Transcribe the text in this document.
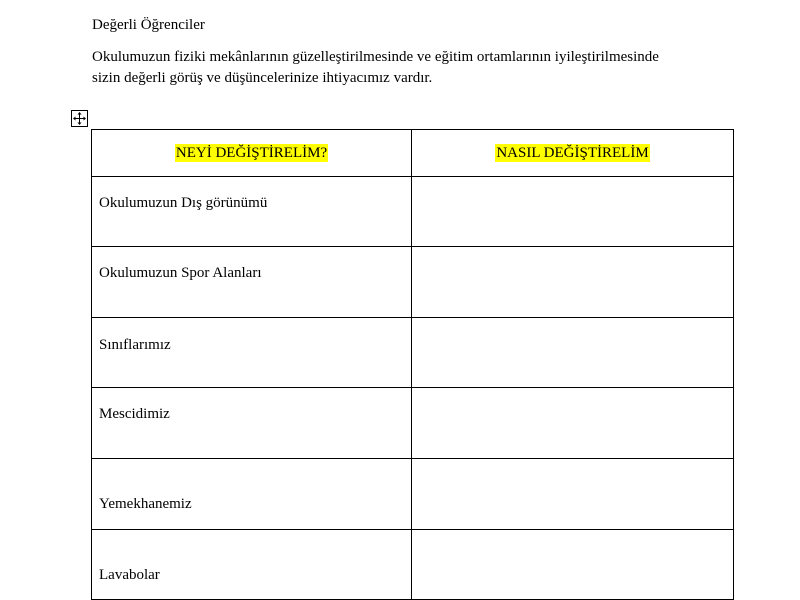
Değerli Öğrenciler
Okulumuzun fiziki mekânlarının güzelleştirilmesinde ve eğitim ortamlarının iyileştirilmesinde
sizin değerli görüş ve düşüncelerinize ihtiyacımız vardır.
NEYİ DEĞİŞTİRELİM?	NASIL DEĞİŞTİRELİM

Okulumuzun Dış görünümü	

Okulumuzun Spor Alanları	

Sınıflarımız	

Mescidimiz	

Yemekhanemiz	

Lavabolar	
